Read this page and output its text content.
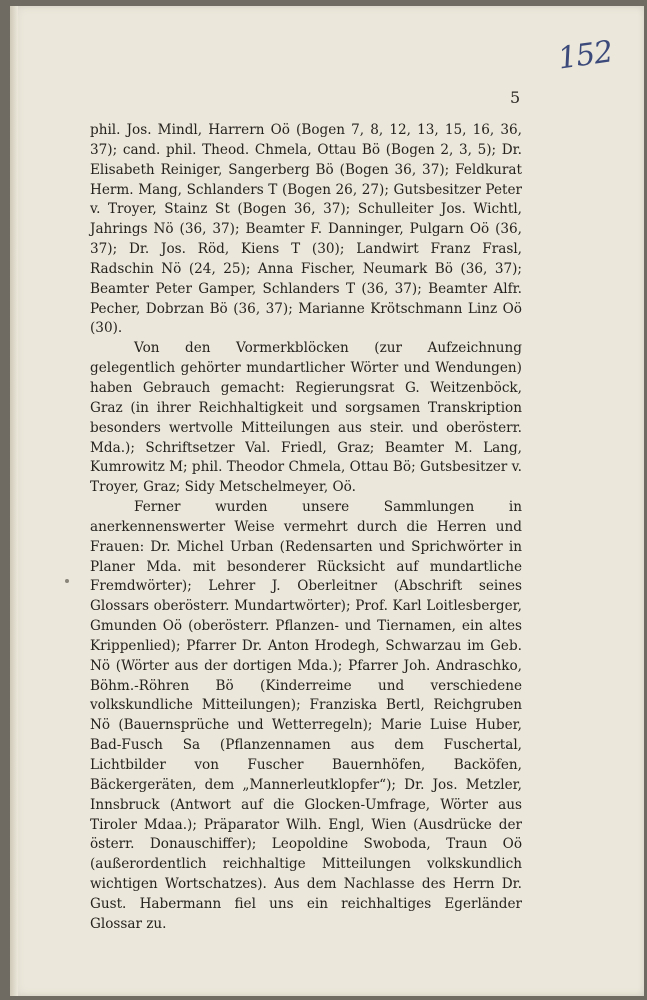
152
5

phil. Jos. Mindl, Harrern Oö (Bogen 7, 8, 12, 13, 15, 16, 36, 37); cand. phil. Theod. Chmela, Ottau Bö (Bogen 2, 3, 5); Dr. Elisabeth Reiniger, Sangerberg Bö (Bogen 36, 37); Feldkurat Herm. Mang, Schlanders T (Bogen 26, 27); Gutsbesitzer Peter v. Troyer, Stainz St (Bogen 36, 37); Schulleiter Jos. Wichtl, Jahrings Nö (36, 37); Beamter F. Danninger, Pulgarn Oö (36, 37); Dr. Jos. Röd, Kiens T (30); Landwirt Franz Frasl, Radschin Nö (24, 25); Anna Fischer, Neumark Bö (36, 37); Beamter Peter Gamper, Schlanders T (36, 37); Beamter Alfr. Pecher, Dobrzan Bö (36, 37); Marianne Krötschmann Linz Oö (30).

Von den Vormerkblöcken (zur Aufzeichnung gelegentlich gehörter mundartlicher Wörter und Wendungen) haben Gebrauch gemacht: Regierungsrat G. Weitzenböck, Graz (in ihrer Reichhaltigkeit und sorgsamen Transkription besonders wertvolle Mitteilungen aus steir. und oberösterr. Mda.); Schriftsetzer Val. Friedl, Graz; Beamter M. Lang, Kumrowitz M; phil. Theodor Chmela, Ottau Bö; Gutsbesitzer v. Troyer, Graz; Sidy Metschelmeyer, Oö.

Ferner wurden unsere Sammlungen in anerkennenswerter Weise vermehrt durch die Herren und Frauen: Dr. Michel Urban (Redensarten und Sprichwörter in Planer Mda. mit besonderer Rücksicht auf mundartliche Fremdwörter); Lehrer J. Oberleitner (Abschrift seines Glossars oberösterr. Mundartwörter); Prof. Karl Loitlesberger, Gmunden Oö (oberösterr. Pflanzen- und Tiernamen, ein altes Krippenlied); Pfarrer Dr. Anton Hrodegh, Schwarzau im Geb. Nö (Wörter aus der dortigen Mda.); Pfarrer Joh. Andraschko, Böhm.-Röhren Bö (Kinderreime und verschiedene volkskundliche Mitteilungen); Franziska Bertl, Reichgruben Nö (Bauernsprüche und Wetterregeln); Marie Luise Huber, Bad-Fusch Sa (Pflanzennamen aus dem Fuschertal, Lichtbilder von Fuscher Bauernhöfen, Backöfen, Bäckergeräten, dem „Mannerleutklopfer“); Dr. Jos. Metzler, Innsbruck (Antwort auf die Glocken-Umfrage, Wörter aus Tiroler Mdaa.); Präparator Wilh. Engl, Wien (Ausdrücke der österr. Donauschiffer); Leopoldine Swoboda, Traun Oö (außerordentlich reichhaltige Mitteilungen volkskundlich wichtigen Wortschatzes). Aus dem Nachlasse des Herrn Dr. Gust. Habermann fiel uns ein reichhaltiges Egerländer Glossar zu.
